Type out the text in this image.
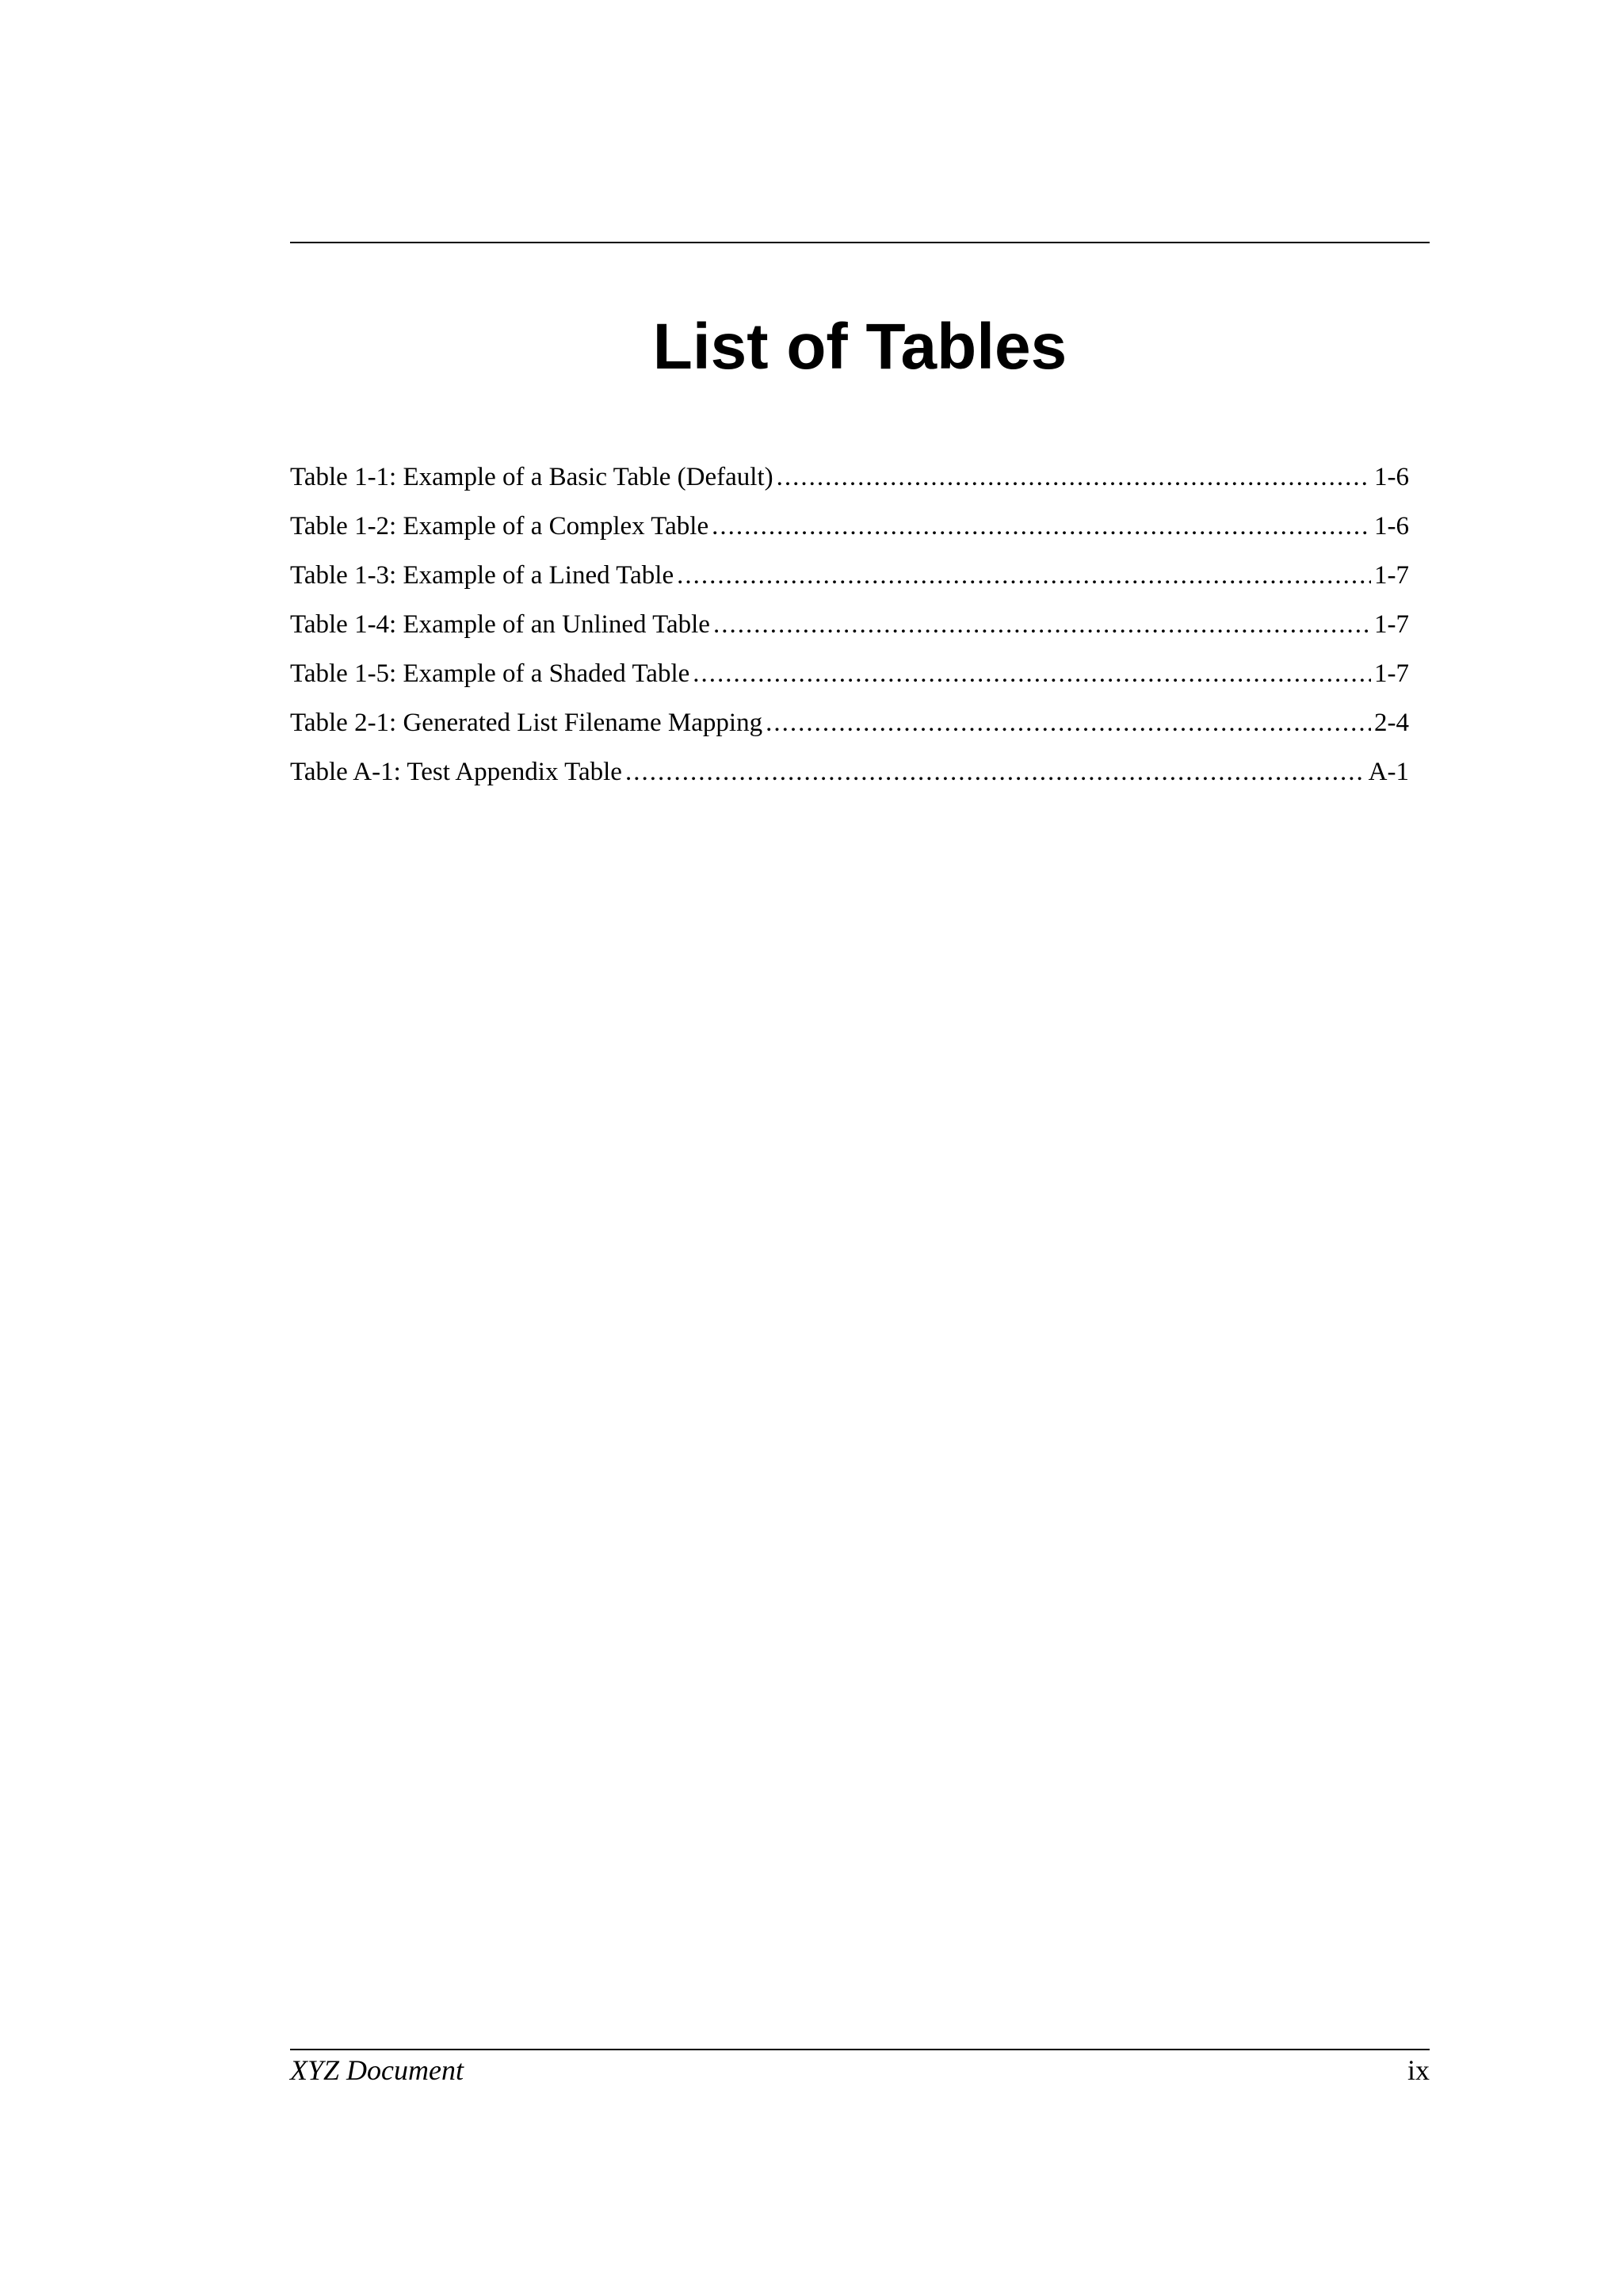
List of Tables
Table 1-1: Example of a Basic Table (Default) .....	1-6
Table 1-2: Example of a Complex Table .....	1-6
Table 1-3: Example of a Lined Table .....	1-7
Table 1-4: Example of an Unlined Table .....	1-7
Table 1-5: Example of a Shaded Table .....	1-7
Table 2-1: Generated List Filename Mapping .....	2-4
Table A-1: Test Appendix Table .....	A-1
XYZ Document	ix
